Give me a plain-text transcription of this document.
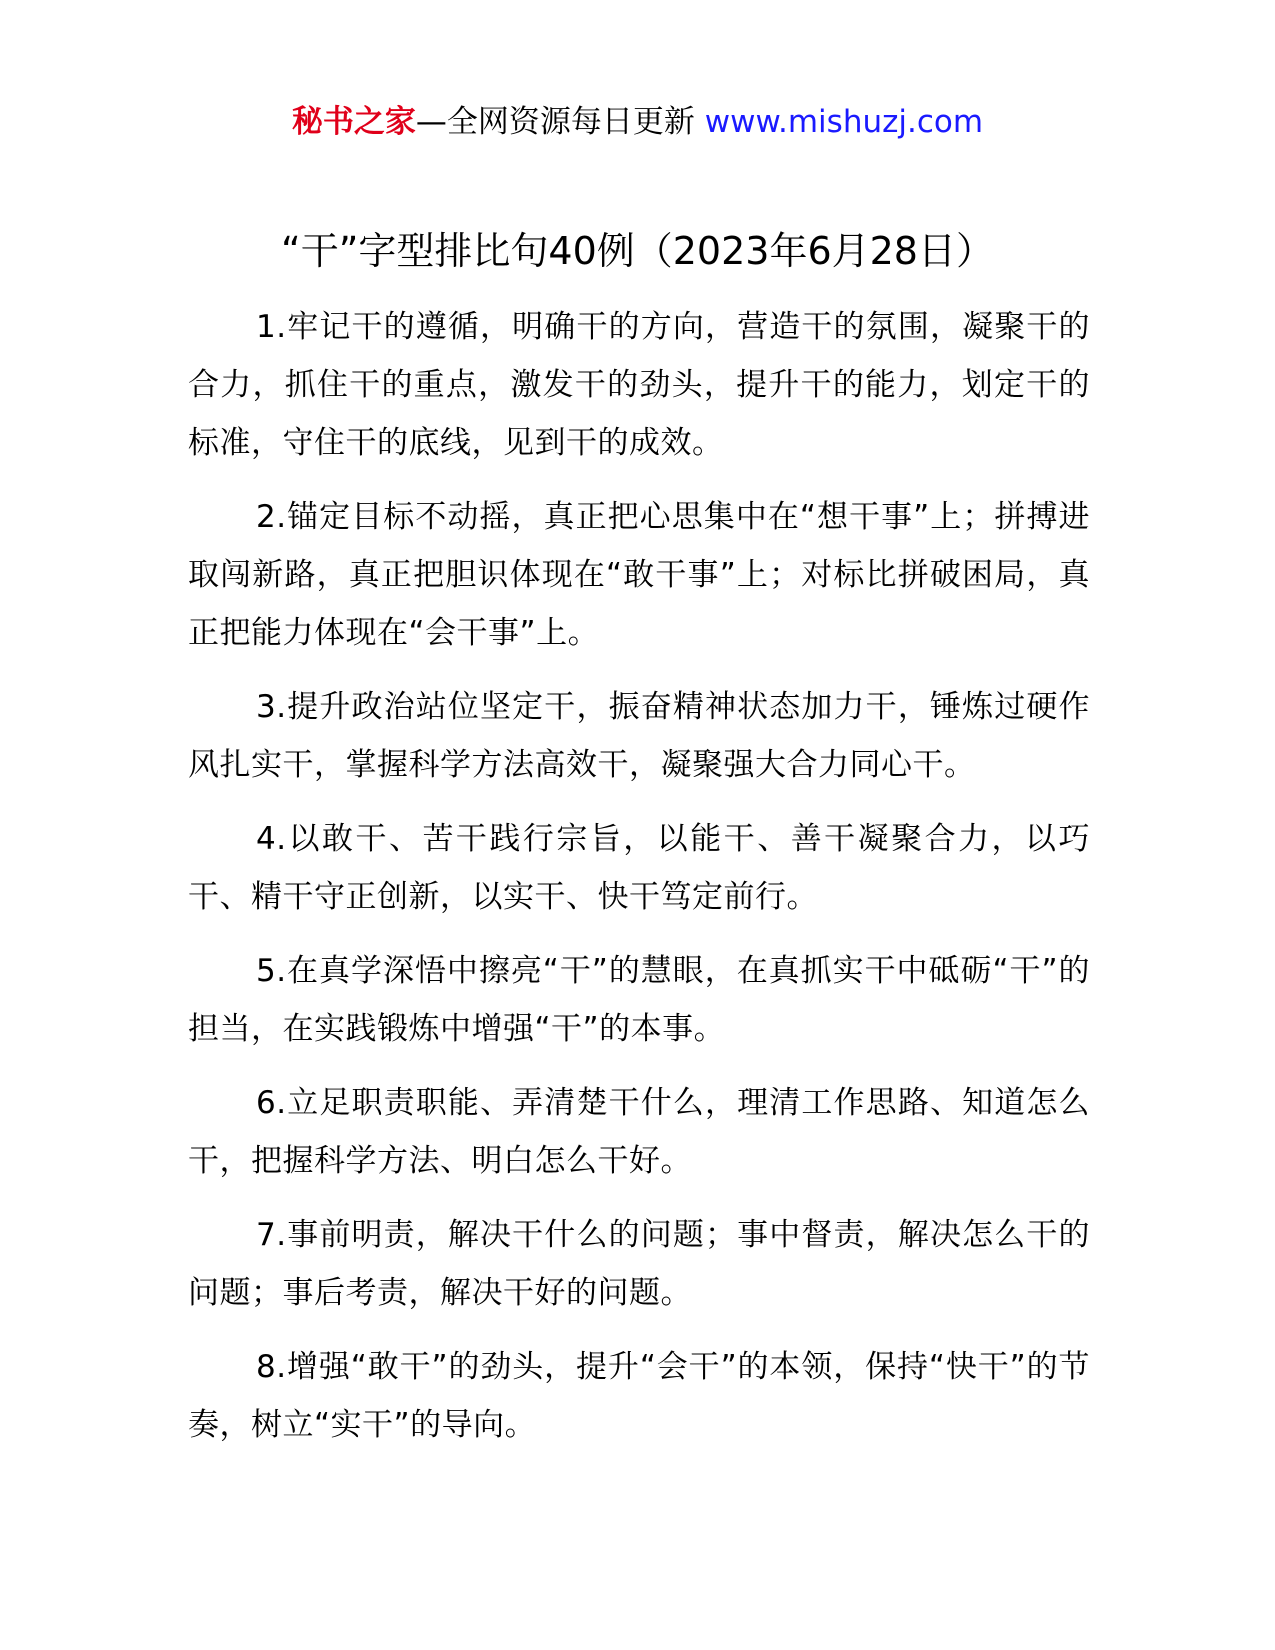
秘书之家—全网资源每日更新 www.mishuzj.com
“干”字型排比句40例（2023年6月28日）

1.牢记干的遵循，明确干的方向，营造干的氛围，凝聚干的合力，抓住干的重点，激发干的劲头，提升干的能力，划定干的标准，守住干的底线，见到干的成效。

2.锚定目标不动摇，真正把心思集中在“想干事”上；拼搏进取闯新路，真正把胆识体现在“敢干事”上；对标比拼破困局，真正把能力体现在“会干事”上。

3.提升政治站位坚定干，振奋精神状态加力干，锤炼过硬作风扎实干，掌握科学方法高效干，凝聚强大合力同心干。

4.以敢干、苦干践行宗旨，以能干、善干凝聚合力，以巧干、精干守正创新，以实干、快干笃定前行。

5.在真学深悟中擦亮“干”的慧眼，在真抓实干中砥砺“干”的担当，在实践锻炼中增强“干”的本事。

6.立足职责职能、弄清楚干什么，理清工作思路、知道怎么干，把握科学方法、明白怎么干好。

7.事前明责，解决干什么的问题；事中督责，解决怎么干的问题；事后考责，解决干好的问题。

8.增强“敢干”的劲头，提升“会干”的本领，保持“快干”的节奏，树立“实干”的导向。
